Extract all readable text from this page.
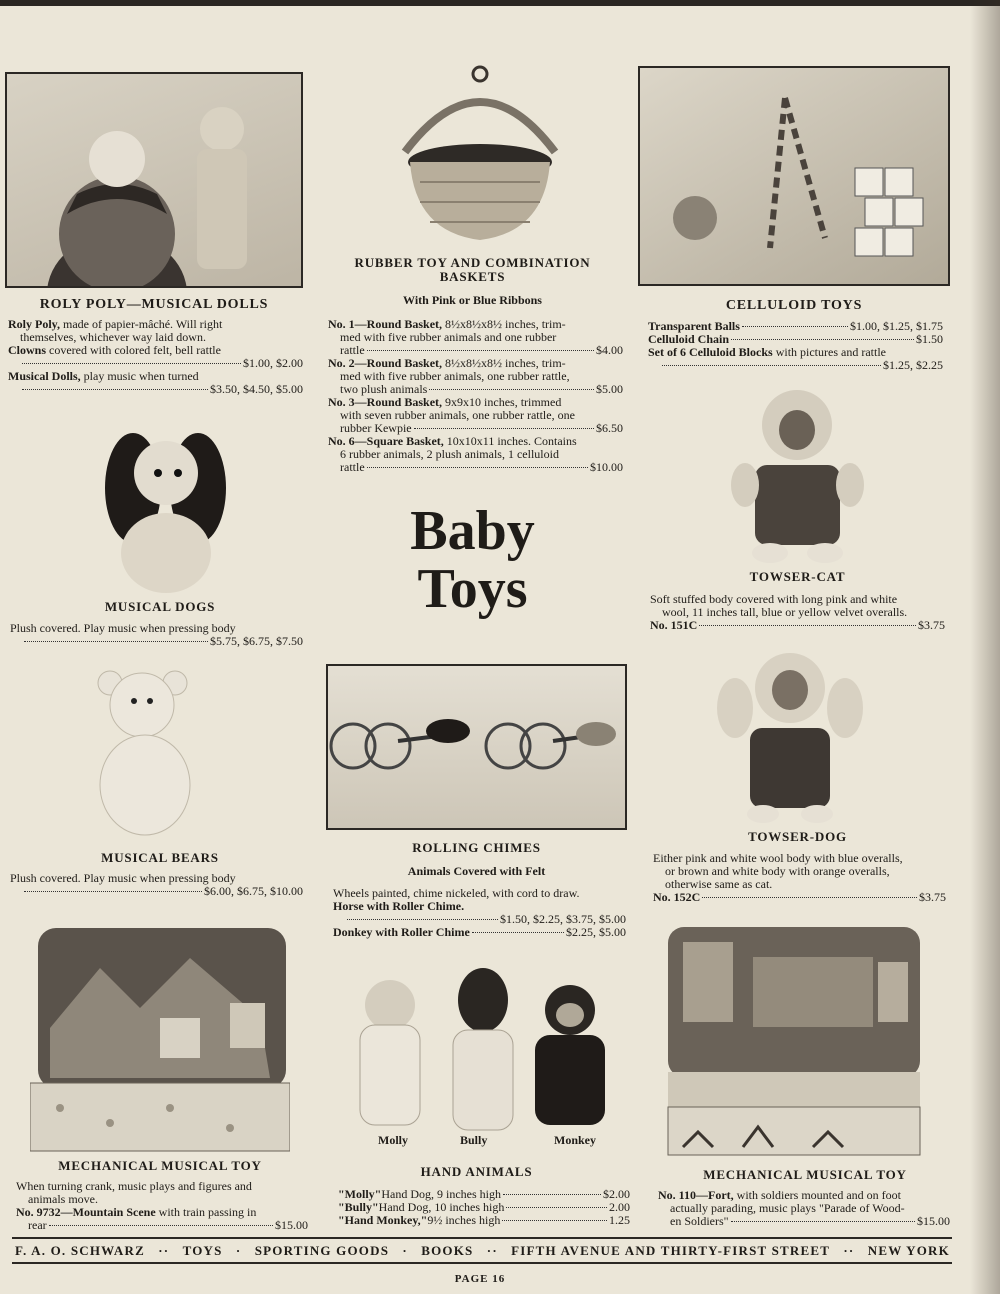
ROLY POLY—MUSICAL DOLLS
Roly Poly, made of papier-mâché. Will right
themselves, whichever way laid down.
Clowns covered with colored felt, bell rattle
$1.00, $2.00
Musical Dolls, play music when turned
$3.50, $4.50, $5.00
RUBBER TOY AND COMBINATION BASKETS
With Pink or Blue Ribbons
No. 1—Round Basket, 8½x8½x8½ inches, trim-
med with five rubber animals and one rubber
rattle	$4.00
No. 2—Round Basket, 8½x8½x8½ inches, trim-
med with five rubber animals, one rubber rattle,
two plush animals	$5.00
No. 3—Round Basket, 9x9x10 inches, trimmed
with seven rubber animals, one rubber rattle, one
rubber Kewpie	$6.50
No. 6—Square Basket, 10x10x11 inches. Contains
6 rubber animals, 2 plush animals, 1 celluloid
rattle	$10.00
Baby
Toys
CELLULOID TOYS
Transparent Balls	$1.00, $1.25, $1.75
Celluloid Chain	$1.50
Set of 6 Celluloid Blocks with pictures and rattle
$1.25, $2.25
MUSICAL DOGS
Plush covered. Play music when pressing body
$5.75, $6.75, $7.50
TOWSER-CAT
Soft stuffed body covered with long pink and white
wool, 11 inches tall, blue or yellow velvet overalls.
No. 151C	$3.75
MUSICAL BEARS
Plush covered. Play music when pressing body
$6.00, $6.75, $10.00
ROLLING CHIMES
Animals Covered with Felt
Wheels painted, chime nickeled, with cord to draw.
Horse with Roller Chime.
$1.50, $2.25, $3.75, $5.00
Donkey with Roller Chime	$2.25, $5.00
TOWSER-DOG
Either pink and white wool body with blue overalls,
or brown and white body with orange overalls,
otherwise same as cat.
No. 152C	$3.75
MECHANICAL MUSICAL TOY
When turning crank, music plays and figures and
animals move.
No. 9732—Mountain Scene with train passing in
rear	$15.00
Molly	Bully	Monkey
HAND ANIMALS
"Molly" Hand Dog, 9 inches high	$2.00
"Bully" Hand Dog, 10 inches high	2.00
"Hand Monkey," 9½ inches high	1.25
MECHANICAL MUSICAL TOY
No. 110—Fort, with soldiers mounted and on foot
actually parading, music plays "Parade of Wood-
en Soldiers"	$15.00
F. A. O. SCHWARZ ·· TOYS · SPORTING GOODS · BOOKS ·· FIFTH AVENUE AND THIRTY-FIRST STREET ·· NEW YORK
PAGE 16
